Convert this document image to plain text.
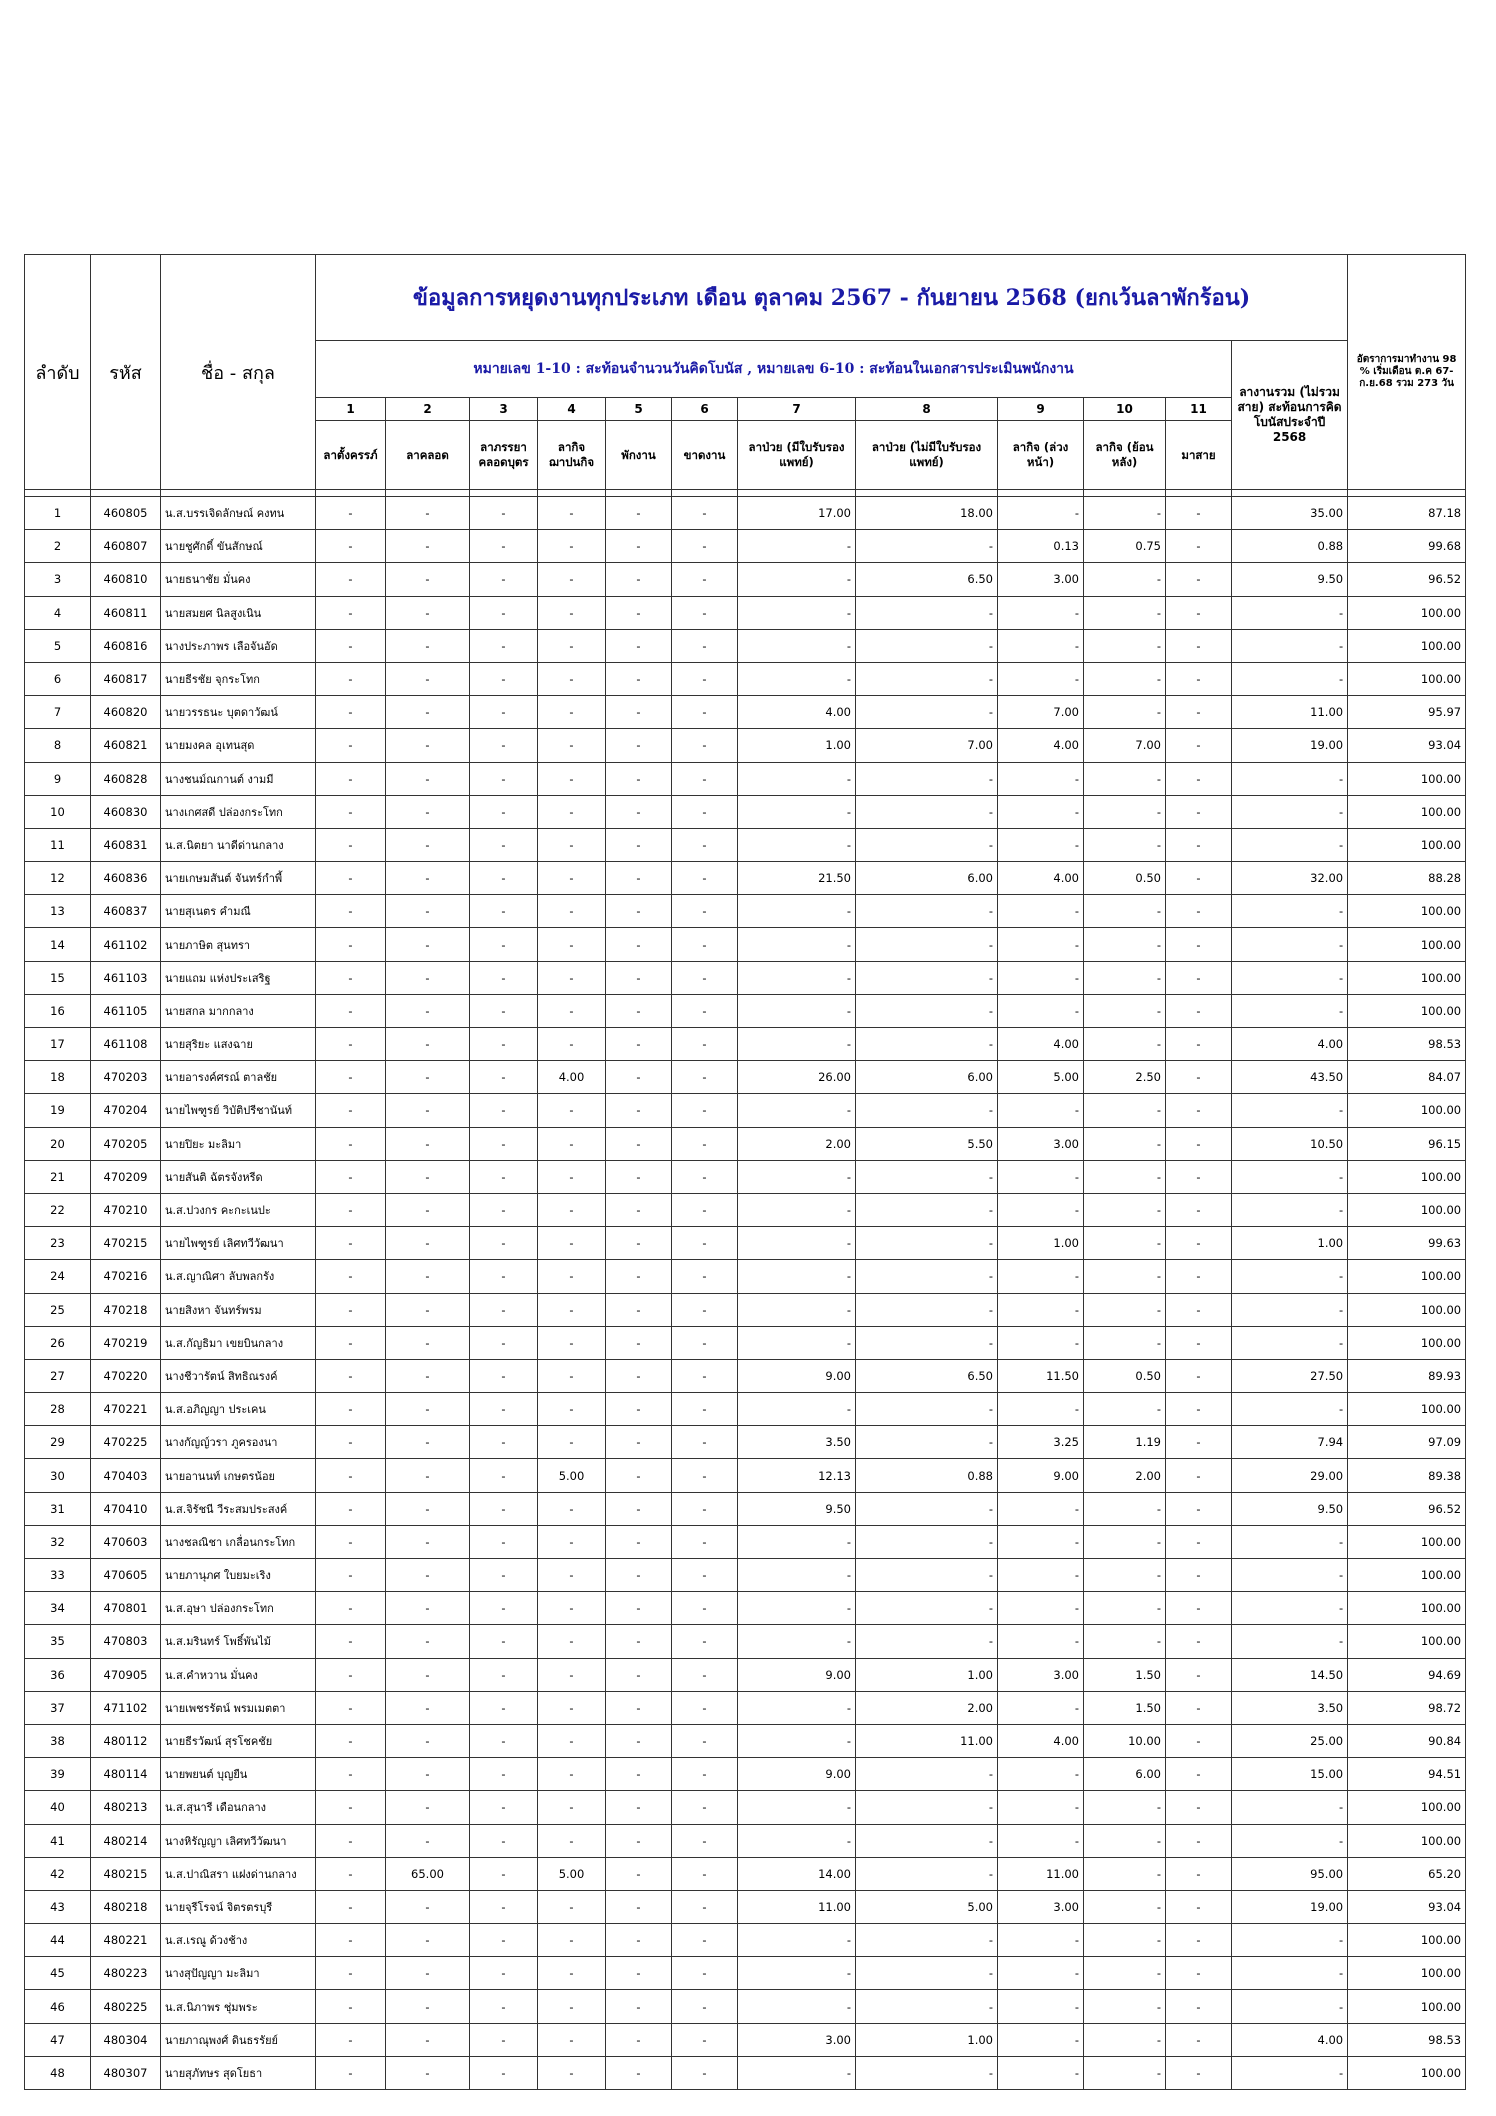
ลำดับ	รหัส	ชื่อ - สกุล	ข้อมูลการหยุดงานทุกประเภท เดือน ตุลาคม 2567 - กันยายน 2568 (ยกเว้นลาพักร้อน)												อัตราการมาทำงาน 98 % เริ่มเดือน ต.ค 67-ก.ย.68 รวม 273 วัน
			หมายเลข 1-10 : สะท้อนจำนวนวันคิดโบนัส , หมายเลข 6-10 : สะท้อนในเอกสารประเมินพนักงาน											ลางานรวม (ไม่รวมสาย) สะท้อนการคิดโบนัสประจำปี 2568	
			1	2	3	4	5	6	7	8	9	10	11		
			ลาตั้งครรภ์	ลาคลอด	ลาภรรยาคลอดบุตร	ลากิจฌาปนกิจ	พักงาน	ขาดงาน	ลาป่วย (มีใบรับรองแพทย์)	ลาป่วย (ไม่มีใบรับรองแพทย์)	ลากิจ (ล่วงหน้า)	ลากิจ (ย้อนหลัง)	มาสาย		

1	460805	น.ส.บรรเจิดลักษณ์ คงทน	-	-	-	-	-	-	17.00	18.00	-	-	-	35.00	87.18
2	460807	นายชูศักดิ์ ขันสักษณ์	-	-	-	-	-	-	-	-	0.13	0.75	-	0.88	99.68
3	460810	นายธนาชัย มั่นคง	-	-	-	-	-	-	-	6.50	3.00	-	-	9.50	96.52
4	460811	นายสมยศ นิลสูงเนิน	-	-	-	-	-	-	-	-	-	-	-	-	100.00
5	460816	นางประภาพร เลือจันอัด	-	-	-	-	-	-	-	-	-	-	-	-	100.00
6	460817	นายธีรชัย จุกระโทก	-	-	-	-	-	-	-	-	-	-	-	-	100.00
7	460820	นายวรรธนะ บุตดาวัฒน์	-	-	-	-	-	-	4.00	-	7.00	-	-	11.00	95.97
8	460821	นายมงคล อุเทนสุด	-	-	-	-	-	-	1.00	7.00	4.00	7.00	-	19.00	93.04
9	460828	นางชนม์ณกานต์ งามมี	-	-	-	-	-	-	-	-	-	-	-	-	100.00
10	460830	นางเกศสดี ปล่องกระโทก	-	-	-	-	-	-	-	-	-	-	-	-	100.00
11	460831	น.ส.นิตยา นาดีด่านกลาง	-	-	-	-	-	-	-	-	-	-	-	-	100.00
12	460836	นายเกษมสันต์ จันทร์กำพี้	-	-	-	-	-	-	21.50	6.00	4.00	0.50	-	32.00	88.28
13	460837	นายสุเนตร คำมณี	-	-	-	-	-	-	-	-	-	-	-	-	100.00
14	461102	นายภาษิต สุนทรา	-	-	-	-	-	-	-	-	-	-	-	-	100.00
15	461103	นายแถม แห่งประเสริฐ	-	-	-	-	-	-	-	-	-	-	-	-	100.00
16	461105	นายสกล มากกลาง	-	-	-	-	-	-	-	-	-	-	-	-	100.00
17	461108	นายสุริยะ แสงฉาย	-	-	-	-	-	-	-	-	4.00	-	-	4.00	98.53
18	470203	นายอารงค์ศรณ์ ตาลชัย	-	-	-	4.00	-	-	26.00	6.00	5.00	2.50	-	43.50	84.07
19	470204	นายไพฑูรย์ วิบัติปรีชานันท์	-	-	-	-	-	-	-	-	-	-	-	-	100.00
20	470205	นายปิยะ มะลิมา	-	-	-	-	-	-	2.00	5.50	3.00	-	-	10.50	96.15
21	470209	นายสันติ ฉัตรจังหรีด	-	-	-	-	-	-	-	-	-	-	-	-	100.00
22	470210	น.ส.ปวงกร คะกะเนปะ	-	-	-	-	-	-	-	-	-	-	-	-	100.00
23	470215	นายไพฑูรย์ เลิศทวีวัฒนา	-	-	-	-	-	-	-	-	1.00	-	-	1.00	99.63
24	470216	น.ส.ญาณิศา ลับพลกรัง	-	-	-	-	-	-	-	-	-	-	-	-	100.00
25	470218	นายสิงหา จันทร์พรม	-	-	-	-	-	-	-	-	-	-	-	-	100.00
26	470219	น.ส.กัญธิมา เขยบินกลาง	-	-	-	-	-	-	-	-	-	-	-	-	100.00
27	470220	นางชีวารัตน์ สิทธิณรงค์	-	-	-	-	-	-	9.00	6.50	11.50	0.50	-	27.50	89.93
28	470221	น.ส.อภิญญา ประเคน	-	-	-	-	-	-	-	-	-	-	-	-	100.00
29	470225	นางกัญญ์วรา ภูครองนา	-	-	-	-	-	-	3.50	-	3.25	1.19	-	7.94	97.09
30	470403	นายอานนท์ เกษตรน้อย	-	-	-	5.00	-	-	12.13	0.88	9.00	2.00	-	29.00	89.38
31	470410	น.ส.จิรัชนี วีระสมประสงค์	-	-	-	-	-	-	9.50	-	-	-	-	9.50	96.52
32	470603	นางชลณิชา เกลื่อนกระโทก	-	-	-	-	-	-	-	-	-	-	-	-	100.00
33	470605	นายภานุภศ ใบยมะเริง	-	-	-	-	-	-	-	-	-	-	-	-	100.00
34	470801	น.ส.อุษา ปล่องกระโทก	-	-	-	-	-	-	-	-	-	-	-	-	100.00
35	470803	น.ส.มรินทร์ โพธิ์พันไม้	-	-	-	-	-	-	-	-	-	-	-	-	100.00
36	470905	น.ส.คำหวาน มั่นคง	-	-	-	-	-	-	9.00	1.00	3.00	1.50	-	14.50	94.69
37	471102	นายเพชรรัตน์ พรมเมตตา	-	-	-	-	-	-	-	2.00	-	1.50	-	3.50	98.72
38	480112	นายธีรวัฒน์ สุรโชคชัย	-	-	-	-	-	-	-	11.00	4.00	10.00	-	25.00	90.84
39	480114	นายพยนต์ บุญยืน	-	-	-	-	-	-	9.00	-	-	6.00	-	15.00	94.51
40	480213	น.ส.สุนารี เดือนกลาง	-	-	-	-	-	-	-	-	-	-	-	-	100.00
41	480214	นางหิรัญญา เลิศทวีวัฒนา	-	-	-	-	-	-	-	-	-	-	-	-	100.00
42	480215	น.ส.ปาณิสรา แฝงด่านกลาง	-	65.00	-	5.00	-	-	14.00	-	11.00	-	-	95.00	65.20
43	480218	นายจุรีโรจน์ จิตรตรบุรี	-	-	-	-	-	-	11.00	5.00	3.00	-	-	19.00	93.04
44	480221	น.ส.เรณู ด้วงช้าง	-	-	-	-	-	-	-	-	-	-	-	-	100.00
45	480223	นางสุปัญญา มะลิมา	-	-	-	-	-	-	-	-	-	-	-	-	100.00
46	480225	น.ส.นิภาพร ชุ่มพระ	-	-	-	-	-	-	-	-	-	-	-	-	100.00
47	480304	นายภาณุพงศ์ ดินธรรัยย์	-	-	-	-	-	-	3.00	1.00	-	-	-	4.00	98.53
48	480307	นายสุภัทษร สุดโยธา	-	-	-	-	-	-	-	-	-	-	-	-	100.00
